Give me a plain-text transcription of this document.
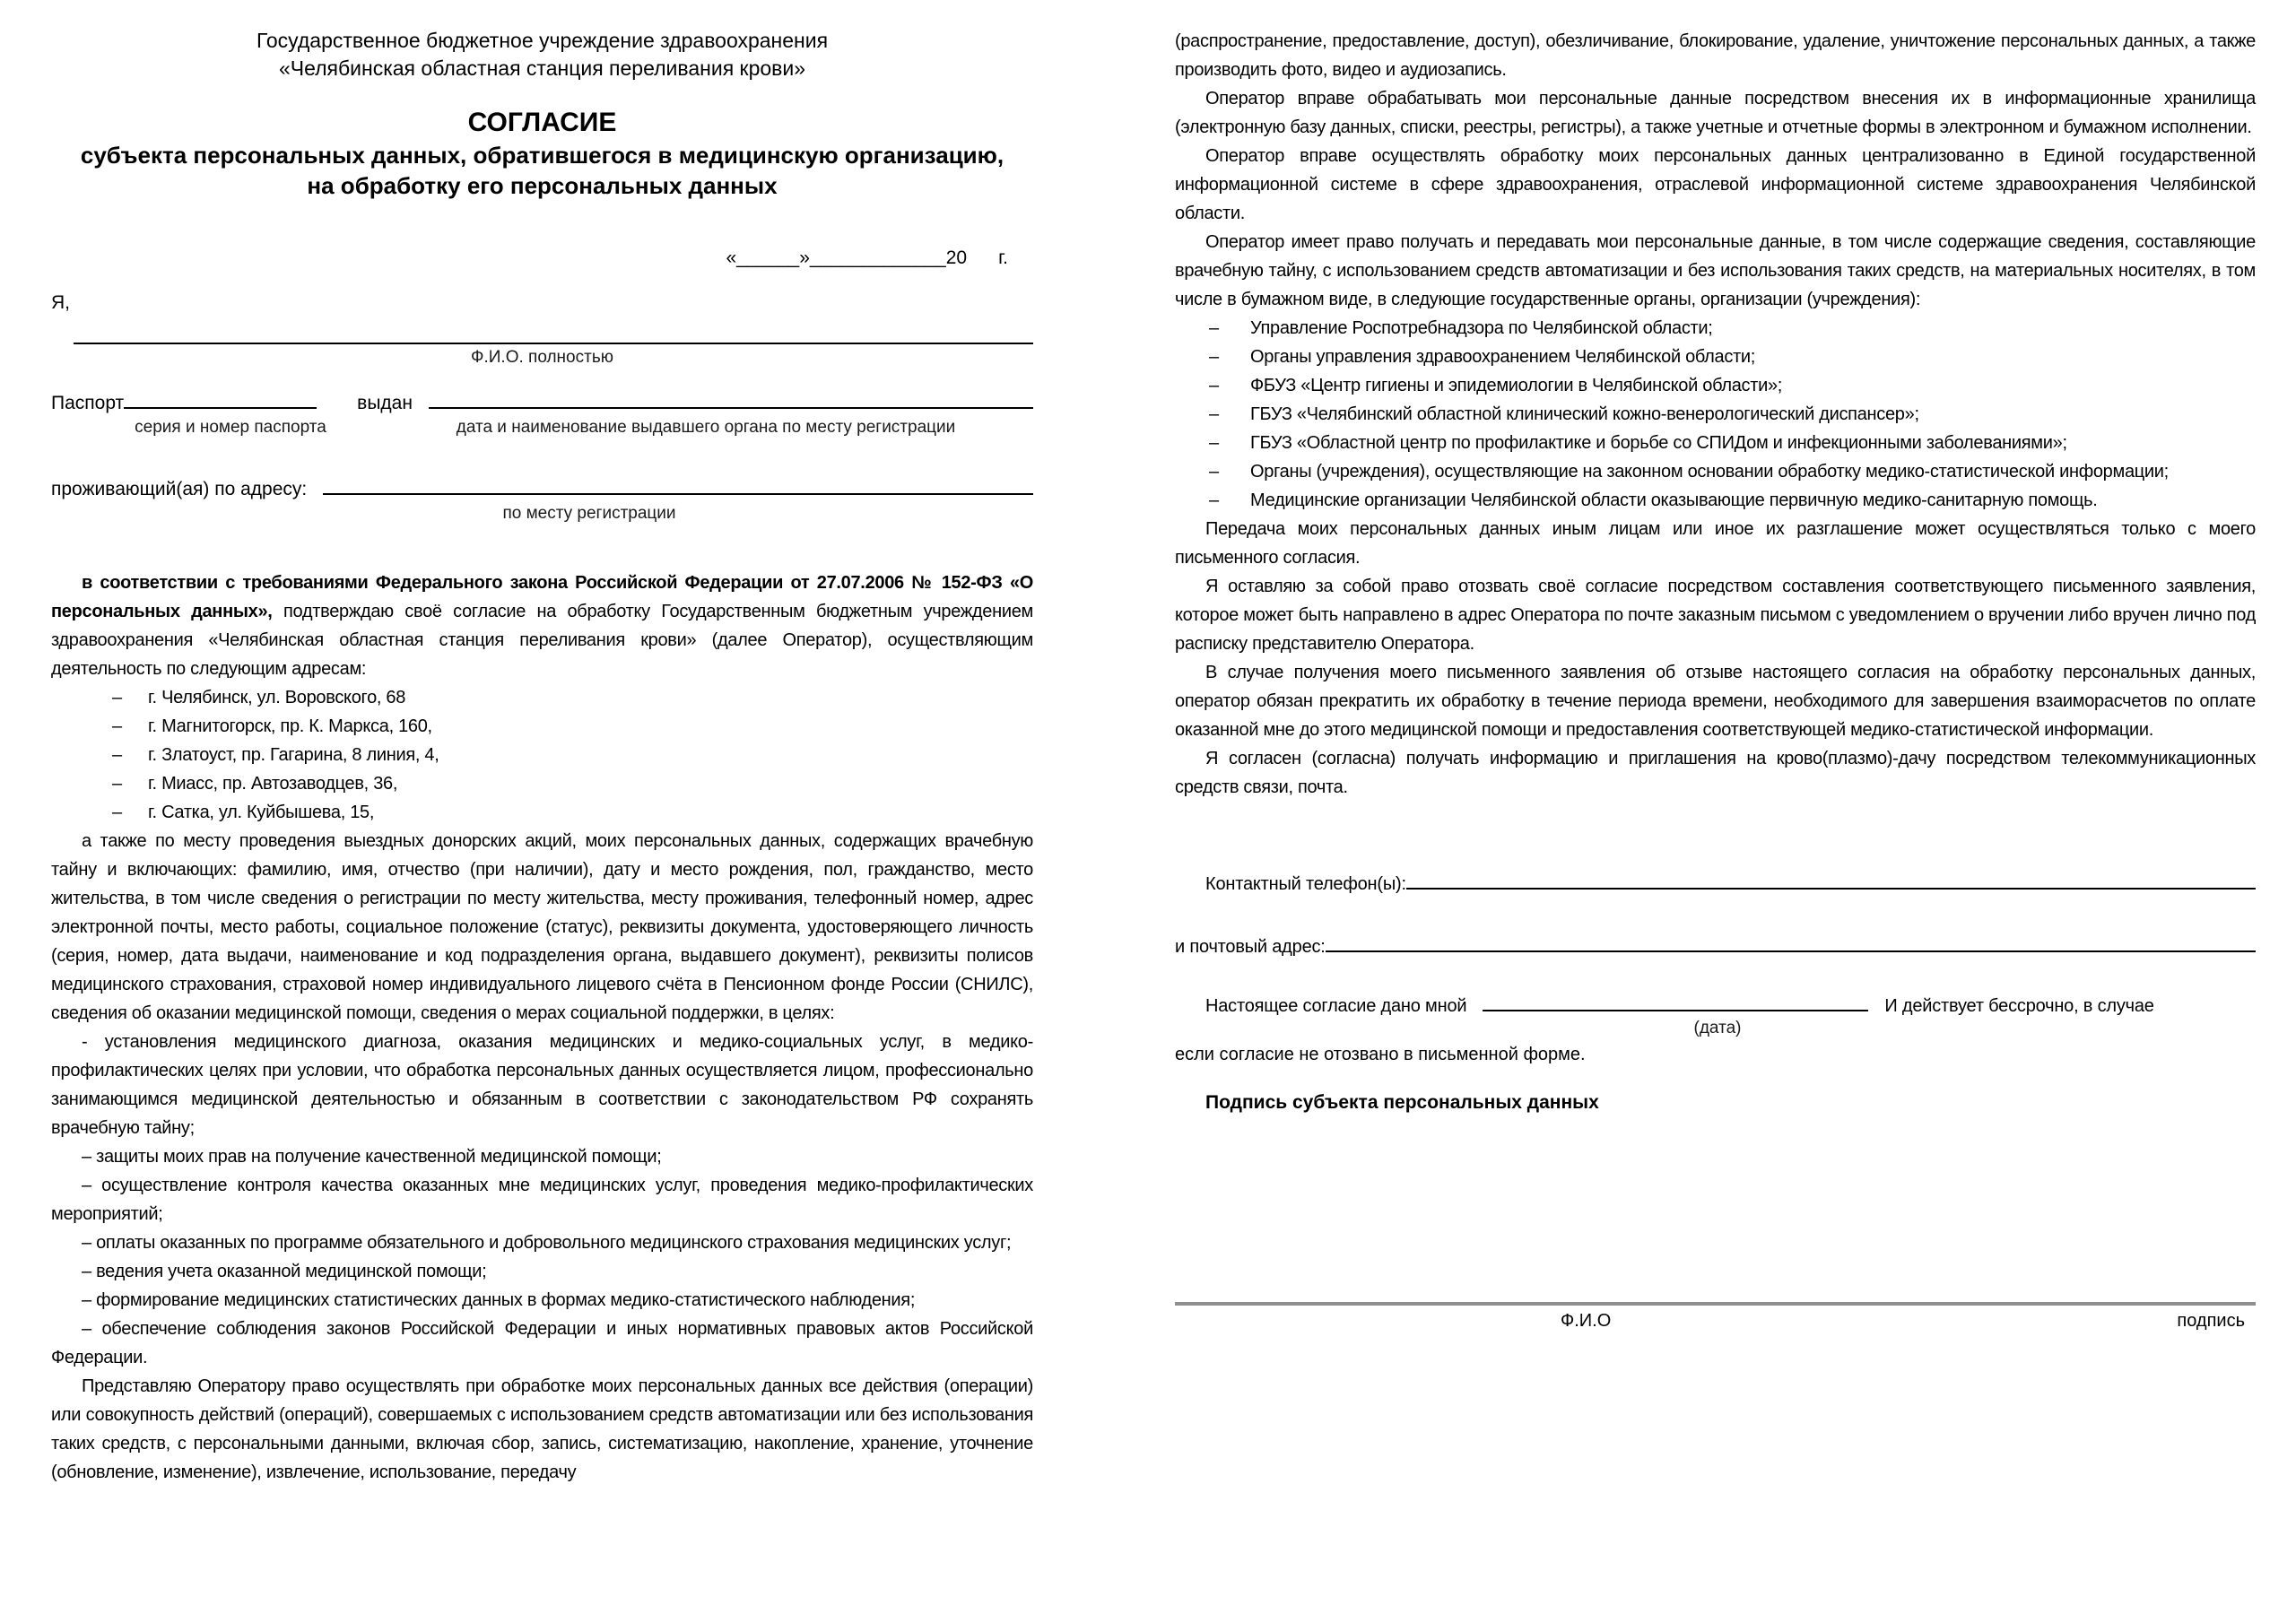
Государственное бюджетное учреждение здравоохранения
«Челябинская областная станция переливания крови»
СОГЛАСИЕ
субъекта персональных данных, обратившегося в медицинскую организацию,
на обработку его персональных данных
«______»_____________20      г.
Я,
Ф.И.О. полностью
Паспорт	выдан
серия и номер паспорта	дата и наименование выдавшего органа по месту регистрации
проживающий(ая) по адресу:
по месту регистрации

в соответствии с требованиями Федерального закона Российской Федерации от 27.07.2006 № 152-ФЗ «О персональных данных», подтверждаю своё согласие на обработку Государственным бюджетным учреждением здравоохранения «Челябинская областная станция переливания крови» (далее Оператор), осуществляющим деятельность по следующим адресам:

– г. Челябинск, ул. Воровского, 68
– г. Магнитогорск, пр. К. Маркса, 160,
– г. Златоуст, пр. Гагарина, 8 линия, 4,
– г. Миасс, пр. Автозаводцев, 36,
– г. Сатка, ул. Куйбышева, 15,

а также по месту проведения выездных донорских акций, моих персональных данных, содержащих врачебную тайну и включающих: фамилию, имя, отчество (при наличии), дату и место рождения, пол, гражданство, место жительства, в том числе сведения о регистрации по месту жительства, месту проживания, телефонный номер, адрес электронной почты, место работы, социальное положение (статус), реквизиты документа, удостоверяющего личность (серия, номер, дата выдачи, наименование и код подразделения органа, выдавшего документ), реквизиты полисов медицинского страхования, страховой номер индивидуального лицевого счёта в Пенсионном фонде России (СНИЛС), сведения об оказании медицинской помощи, сведения о мерах социальной поддержки, в целях:

- установления медицинского диагноза, оказания медицинских и медико-социальных услуг, в медико-профилактических целях при условии, что обработка персональных данных осуществляется лицом, профессионально занимающимся медицинской деятельностью и обязанным в соответствии с законодательством РФ сохранять врачебную тайну;

– защиты моих прав на получение качественной медицинской помощи;

– осуществление контроля качества оказанных мне медицинских услуг, проведения медико-профилактических мероприятий;

– оплаты оказанных по программе обязательного и добровольного медицинского страхования медицинских услуг;

– ведения учета оказанной медицинской помощи;

– формирование медицинских статистических данных в формах медико-статистического наблюдения;

– обеспечение соблюдения законов Российской Федерации и иных нормативных правовых актов Российской Федерации.

Представляю Оператору право осуществлять при обработке моих персональных данных все действия (операции) или совокупность действий (операций), совершаемых с использованием средств автоматизации или без использования таких средств, с персональными данными, включая сбор, запись, систематизацию, накопление, хранение, уточнение (обновление, изменение), извлечение, использование, передачу

(распространение, предоставление, доступ), обезличивание, блокирование, удаление, уничтожение персональных данных, а также производить фото, видео и аудиозапись.

Оператор вправе обрабатывать мои персональные данные посредством внесения их в информационные хранилища (электронную базу данных, списки, реестры, регистры), а также учетные и отчетные формы в электронном и бумажном исполнении.

Оператор вправе осуществлять обработку моих персональных данных централизованно в Единой государственной информационной системе в сфере здравоохранения, отраслевой информационной системе здравоохранения Челябинской области.

Оператор имеет право получать и передавать мои персональные данные, в том числе содержащие сведения, составляющие врачебную тайну, с использованием средств автоматизации и без использования таких средств, на материальных носителях, в том числе в бумажном виде, в следующие государственные органы, организации (учреждения):

– Управление Роспотребнадзора по Челябинской области;
– Органы управления здравоохранением Челябинской области;
– ФБУЗ «Центр гигиены и эпидемиологии в Челябинской области»;
– ГБУЗ «Челябинский областной клинический кожно-венерологический диспансер»;
– ГБУЗ «Областной центр по профилактике и борьбе со СПИДом и инфекционными заболеваниями»;
– Органы (учреждения), осуществляющие на законном основании обработку медико-статистической информации;
– Медицинские организации Челябинской области оказывающие первичную медико-санитарную помощь.

Передача моих персональных данных иным лицам или иное их разглашение может осуществляться только с моего письменного согласия.

Я оставляю за собой право отозвать своё согласие посредством составления соответствующего письменного заявления, которое может быть направлено в адрес Оператора по почте заказным письмом с уведомлением о вручении либо вручен лично под расписку представителю Оператора.

В случае получения моего письменного заявления об отзыве настоящего согласия на обработку персональных данных, оператор обязан прекратить их обработку в течение периода времени, необходимого для завершения взаиморасчетов по оплате оказанной мне до этого медицинской помощи и предоставления соответствующей медико-статистической информации.

Я согласен (согласна) получать информацию и приглашения на крово(плазмо)-дачу посредством телекоммуникационных средств связи, почта.

Контактный телефон(ы):
и почтовый адрес:
Настоящее согласие дано мной	И действует бессрочно, в случае
(дата)
если согласие не отозвано в письменной форме.
Подпись субъекта персональных данных
Ф.И.О	подпись
